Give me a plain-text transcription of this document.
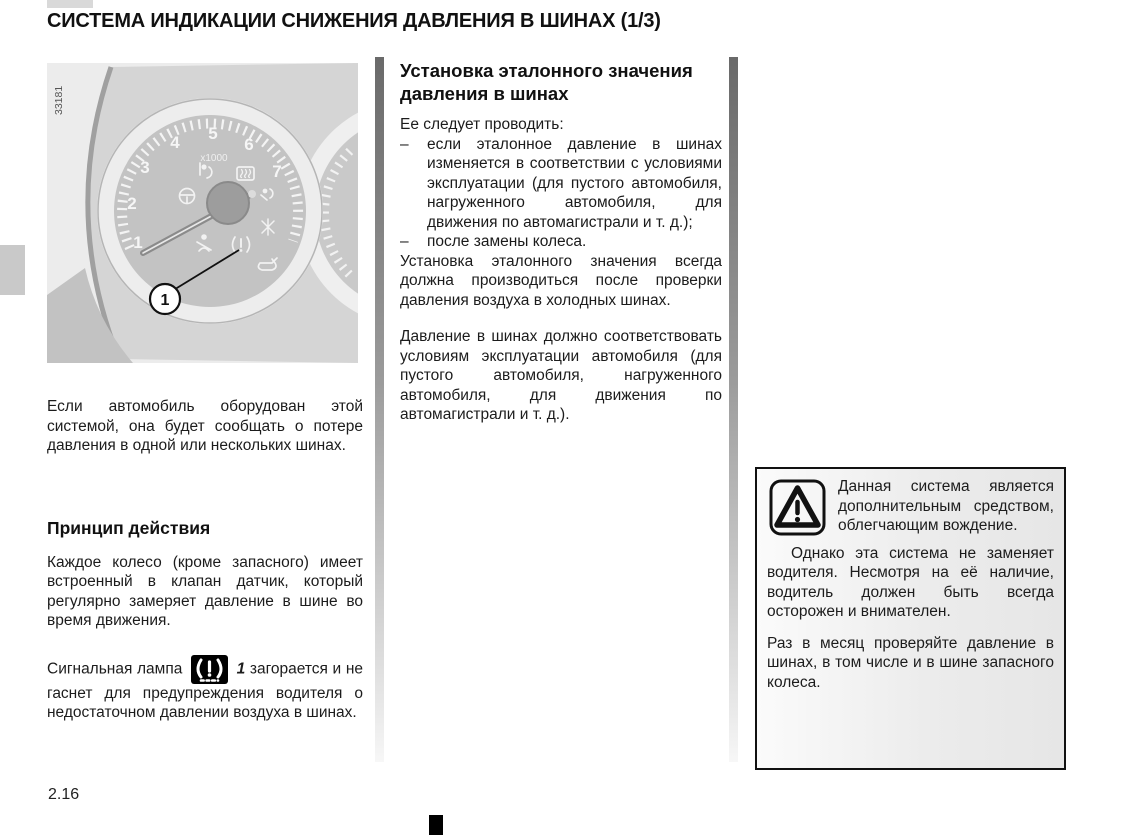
СИСТЕМА ИНДИКАЦИИ СНИЖЕНИЯ ДАВЛЕНИЯ В ШИНАХ (1/3)
1
2
3
4 5
6
7
x1000
1
33181

Если автомобиль оборудован этой системой, она будет сообщать о потере давления в одной или нескольких шинах.

Принцип действия

Каждое колесо (кроме запасного) имеет встроенный в клапан датчик, который регулярно замеряет давление в шине во время движения.

Сигнальная лампа	1 загорается и не гаснет для предупреждения водителя о недостаточном давлении воздуха в шинах.

Установка эталонного значения давления в шинах

Ее следует проводить:

–	если эталонное давление в шинах изменяется в соответствии с условиями эксплуатации (для пустого автомобиля, нагруженного автомобиля, для движения по автомагистрали и т. д.);
–	после замены колеса.

Установка эталонного значения всегда должна производиться после проверки давления воздуха в холодных шинах.

Давление в шинах должно соответствовать условиям эксплуатации автомобиля (для пустого автомобиля, нагруженного автомобиля, для движения по автомагистрали и т. д.).

Данная система является дополнительным средством, облегчающим вождение.

Однако эта система не заменяет водителя. Несмотря на её наличие, водитель должен быть всегда осторожен и внимателен.

Раз в месяц проверяйте давление в шинах, в том числе и в шине запасного колеса.

2.16
